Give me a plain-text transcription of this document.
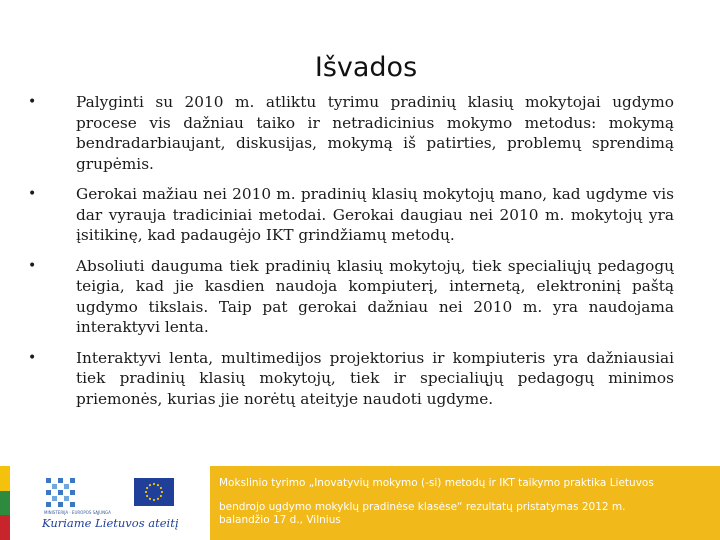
Išvados
•	Palyginti su 2010 m. atliktu tyrimu pradinių klasių mokytojai ugdymo procese vis dažniau taiko ir netradicinius mokymo metodus: mokymą bendradarbiaujant, diskusijas, mokymą iš patirties, problemų sprendimą grupėmis.
•	Gerokai mažiau nei 2010 m. pradinių klasių mokytojų mano, kad ugdyme vis dar vyrauja tradiciniai metodai. Gerokai daugiau nei 2010 m. mokytojų yra įsitikinę, kad padaugėjo IKT grindžiamų metodų.
•	Absoliuti dauguma tiek pradinių klasių mokytojų, tiek specialiųjų pedagogų teigia, kad jie kasdien naudoja kompiuterį, internetą, elektroninį paštą ugdymo tikslais. Taip pat gerokai dažniau nei 2010 m. yra naudojama interaktyvi lenta.
•	Interaktyvi lenta, multimedijos projektorius ir kompiuteris yra dažniausiai tiek pradinių klasių mokytojų, tiek ir specialiųjų pedagogų minimos priemonės, kurias jie norėtų ateityje naudoti ugdyme.
MINISTERIJA · EUROPOS SĄJUNGA
Kuriame Lietuvos ateitį
Mokslinio tyrimo „Inovatyvių mokymo (-si) metodų ir IKT taikymo praktika Lietuvos
bendrojo ugdymo mokyklų pradinėse klasėse“ rezultatų pristatymas 2012 m.
balandžio 17 d., Vilnius
